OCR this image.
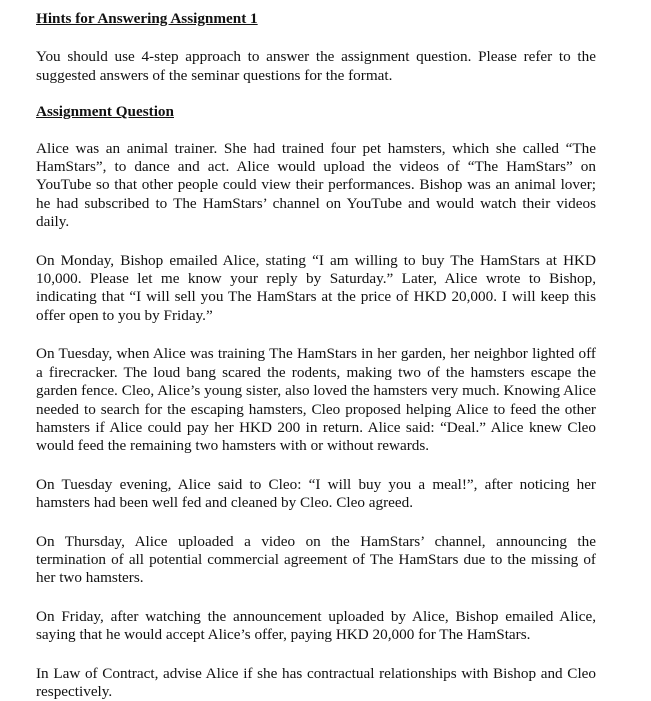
Hints for Answering Assignment 1

You should use 4-step approach to answer the assignment question. Please refer to the suggested answers of the seminar questions for the format.

Assignment Question

Alice was an animal trainer. She had trained four pet hamsters, which she called “The HamStars”, to dance and act. Alice would upload the videos of “The HamStars” on YouTube so that other people could view their performances. Bishop was an animal lover; he had subscribed to The HamStars’ channel on YouTube and would watch their videos daily.

On Monday, Bishop emailed Alice, stating “I am willing to buy The HamStars at HKD 10,000. Please let me know your reply by Saturday.” Later, Alice wrote to Bishop, indicating that “I will sell you The HamStars at the price of HKD 20,000. I will keep this offer open to you by Friday.”

On Tuesday, when Alice was training The HamStars in her garden, her neighbor lighted off a firecracker. The loud bang scared the rodents, making two of the hamsters escape the garden fence. Cleo, Alice’s young sister, also loved the hamsters very much. Knowing Alice needed to search for the escaping hamsters, Cleo proposed helping Alice to feed the other hamsters if Alice could pay her HKD 200 in return. Alice said: “Deal.” Alice knew Cleo would feed the remaining two hamsters with or without rewards.

On Tuesday evening, Alice said to Cleo: “I will buy you a meal!”, after noticing her hamsters had been well fed and cleaned by Cleo. Cleo agreed.

On Thursday, Alice uploaded a video on the HamStars’ channel, announcing the termination of all potential commercial agreement of The HamStars due to the missing of her two hamsters.

On Friday, after watching the announcement uploaded by Alice, Bishop emailed Alice, saying that he would accept Alice’s offer, paying HKD 20,000 for The HamStars.

In Law of Contract, advise Alice if she has contractual relationships with Bishop and Cleo respectively.
